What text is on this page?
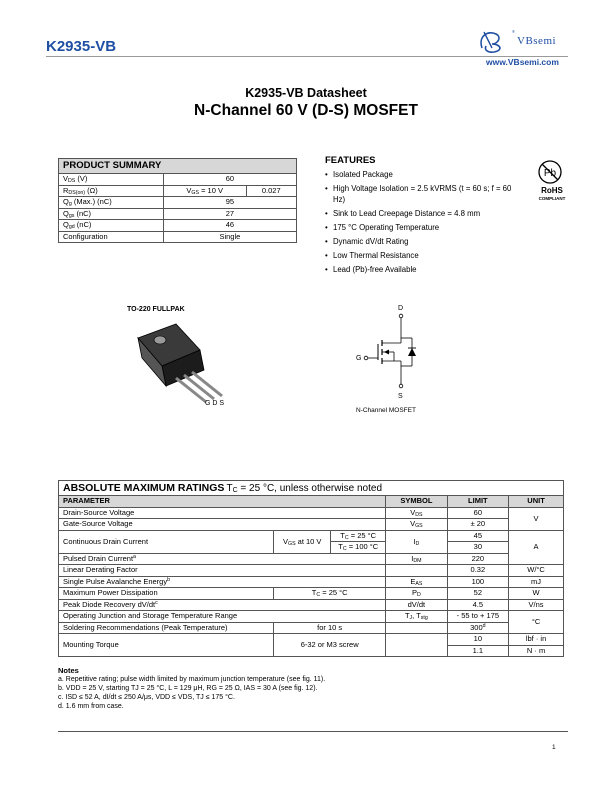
K2935-VB
®
VBsemi
www.VBsemi.com
K2935-VB Datasheet
N-Channel 60 V (D-S) MOSFET
PRODUCT SUMMARY		
$V_{DS}$ (V)	60	
$R_{DS(on)}$ (Ω)	$V_{GS} = 10$ V	0.027
$Q_g$ (Max.) (nC)	95	
$Q_{gs}$ (nC)	27	
$Q_{gd}$ (nC)	46	
Configuration	Single	
FEATURES
• Isolated Package
• High Voltage Isolation = 2.5 kVRMS (t = 60 s; f = 60 Hz)
• Sink to Lead Creepage Distance = 4.8 mm
• 175 °C Operating Temperature
• Dynamic dV/dt Rating
• Low Thermal Resistance
• Lead (Pb)-free Available
Pb
RoHS
COMPLIANT
TO-220 FULLPAK
G D S
D
G
S
N-Channel MOSFET
ABSOLUTE MAXIMUM RATINGS $T_C = 25$ °C, unless otherwise noted					
PARAMETER			SYMBOL	LIMIT	UNIT
Drain-Source Voltage			$V_{DS}$	60	V
Gate-Source Voltage			$V_{GS}$	± 20	
Continuous Drain Current	$V_{GS}$ at 10 V	$T_C = 25$ °C	$I_D$	45	A
		$T_C = 100$ °C		30	
Pulsed Drain Current$^a$			$I_{DM}$	220	
Linear Derating Factor				0.32	W/°C
Single Pulse Avalanche Energy$^b$			$E_{AS}$	100	mJ
Maximum Power Dissipation	$T_C = 25$ °C		$P_D$	52	W
Peak Diode Recovery $dV/dt^c$			dV/dt	4.5	V/ns
Operating Junction and Storage Temperature Range			$T_J$, $T_{stg}$	- 55 to + 175	°C
Soldering Recommendations (Peak Temperature)	for 10 s			300$^d$
Mounting Torque	6-32 or M3 screw			10	lbf · in
				1.1	N · m
Notes
a. Repetitive rating; pulse width limited by maximum junction temperature (see fig. 11).
b. VDD = 25 V, starting TJ = 25 °C, L = 129 μH, RG = 25 Ω, IAS = 30 A (see fig. 12).
c. ISD ≤ 52 A, dI/dt ≤ 250 A/μs, VDD ≤ VDS, TJ ≤ 175 °C.
d. 1.6 mm from case.
1
